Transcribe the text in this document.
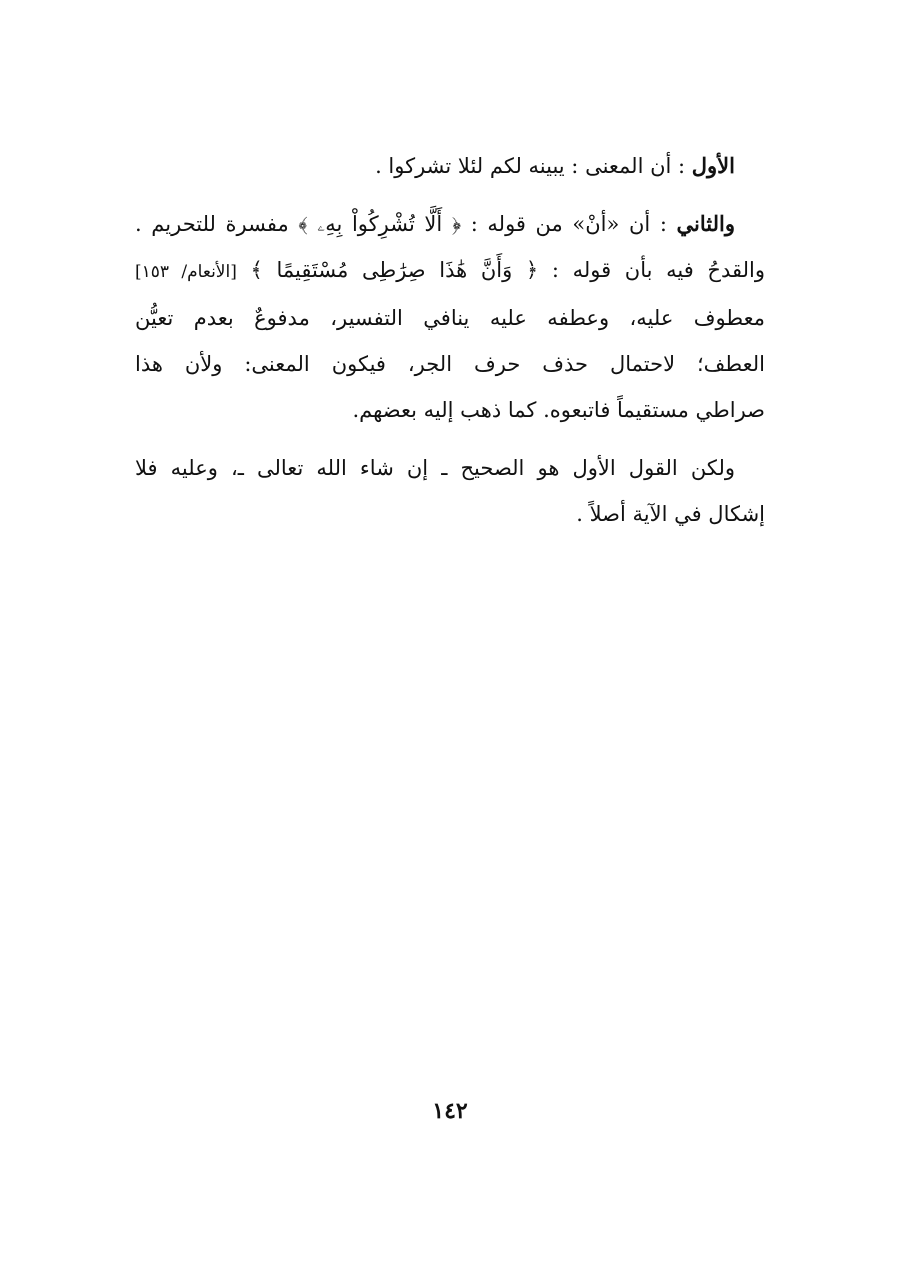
الأول : أن المعنى : يبينه لكم لئلا تشركوا .

والثاني : أن «أنْ» من قوله : ﴿ أَلَّا تُشْرِكُواْ بِهِۦ ﴾ مفسرة للتحريم .
والقدحُ فيه بأن قوله : ﴿ وَأَنَّ هَٰذَا صِرَٰطِى مُسْتَقِيمًا ﴾ [الأنعام/ ١٥٣]
معطوف عليه، وعطفه عليه ينافي التفسير، مدفوعٌ بعدم تعيُّن
العطف؛ لاحتمال حذف حرف الجر، فيكون المعنى: ولأن هذا
صراطي مستقيماً فاتبعوه. كما ذهب إليه بعضهم.

ولكن القول الأول هو الصحيح ـ إن شاء الله تعالى ـ، وعليه فلا
إشكال في الآية أصلاً .

١٤٢
